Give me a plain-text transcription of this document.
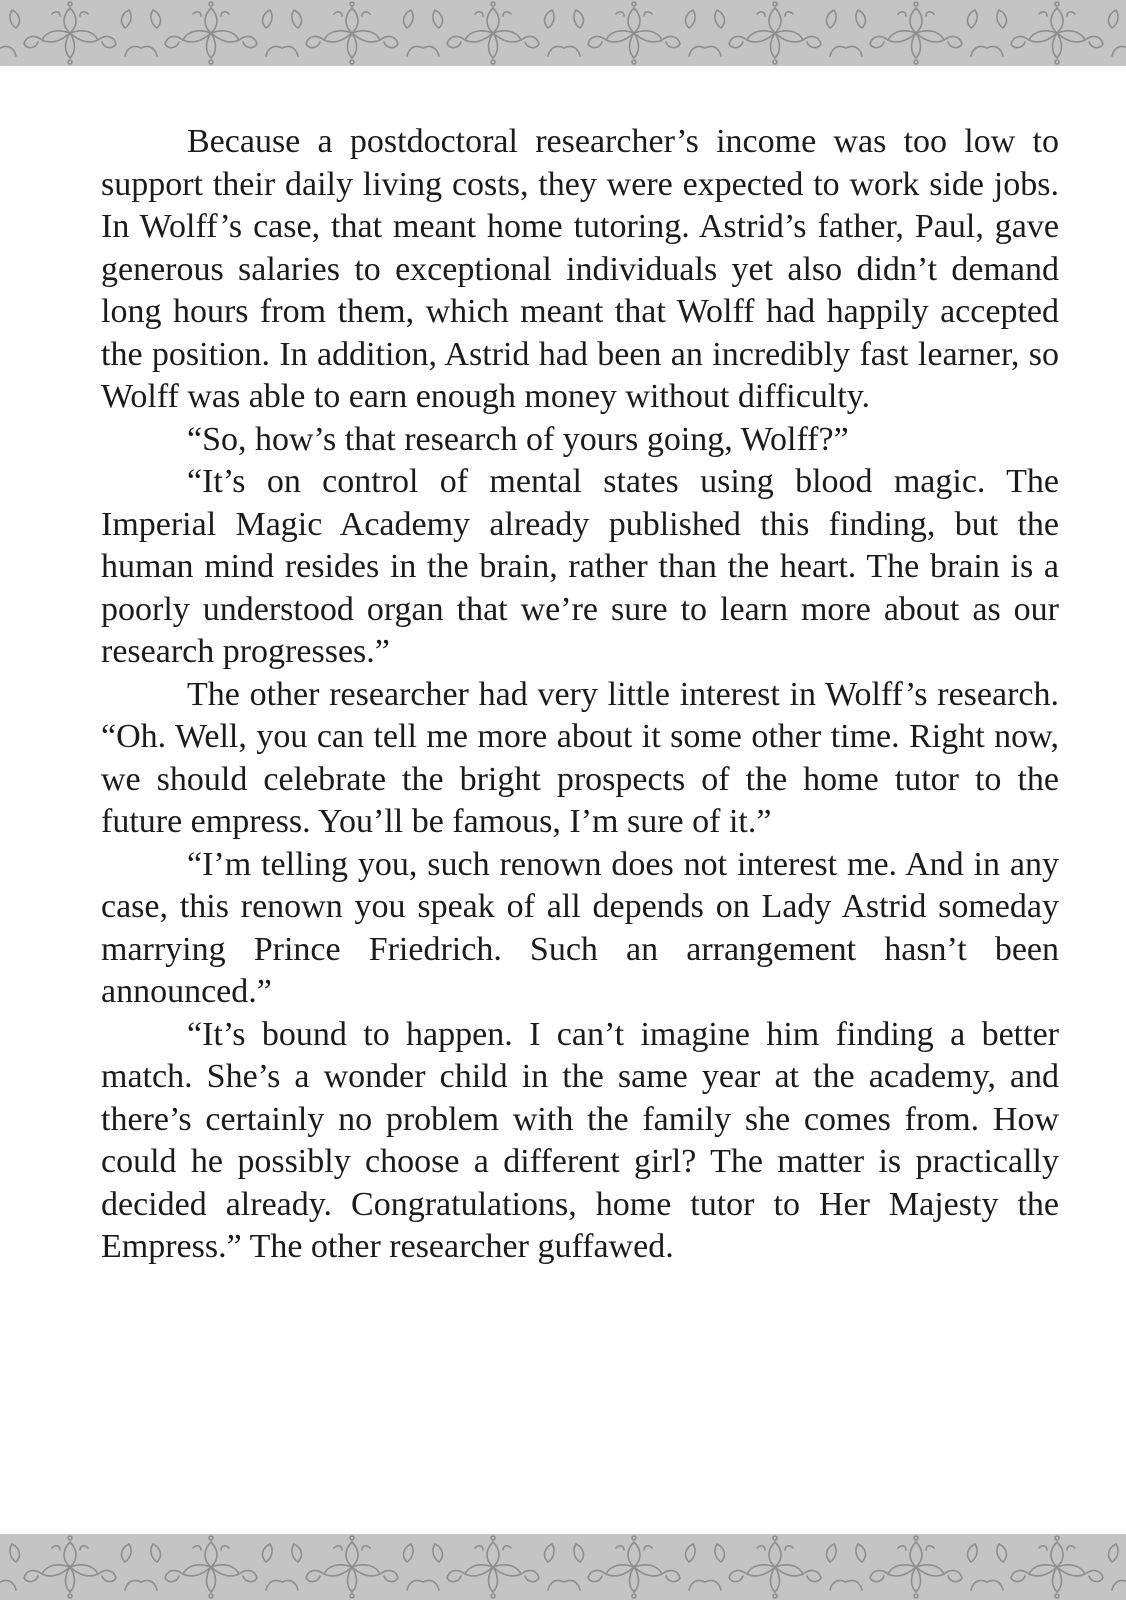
Because a postdoctoral researcher’s income was too low to support their daily living costs, they were expected to work side jobs. In Wolff’s case, that meant home tutoring. Astrid’s father, Paul, gave generous salaries to exceptional individuals yet also didn’t demand long hours from them, which meant that Wolff had happily accepted the position. In addition, Astrid had been an incredibly fast learner, so Wolff was able to earn enough money without difficulty.

“So, how’s that research of yours going, Wolff?”

“It’s on control of mental states using blood magic. The Imperial Magic Academy already published this finding, but the human mind resides in the brain, rather than the heart. The brain is a poorly understood organ that we’re sure to learn more about as our research progresses.”

The other researcher had very little interest in Wolff’s research. “Oh. Well, you can tell me more about it some other time. Right now, we should celebrate the bright prospects of the home tutor to the future empress. You’ll be famous, I’m sure of it.”

“I’m telling you, such renown does not interest me. And in any case, this renown you speak of all depends on Lady Astrid someday marrying Prince Friedrich. Such an arrangement hasn’t been announced.”

“It’s bound to happen. I can’t imagine him finding a better match. She’s a wonder child in the same year at the academy, and there’s certainly no problem with the family she comes from. How could he possibly choose a different girl? The matter is practically decided already. Congratulations, home tutor to Her Majesty the Empress.” The other researcher guffawed.
